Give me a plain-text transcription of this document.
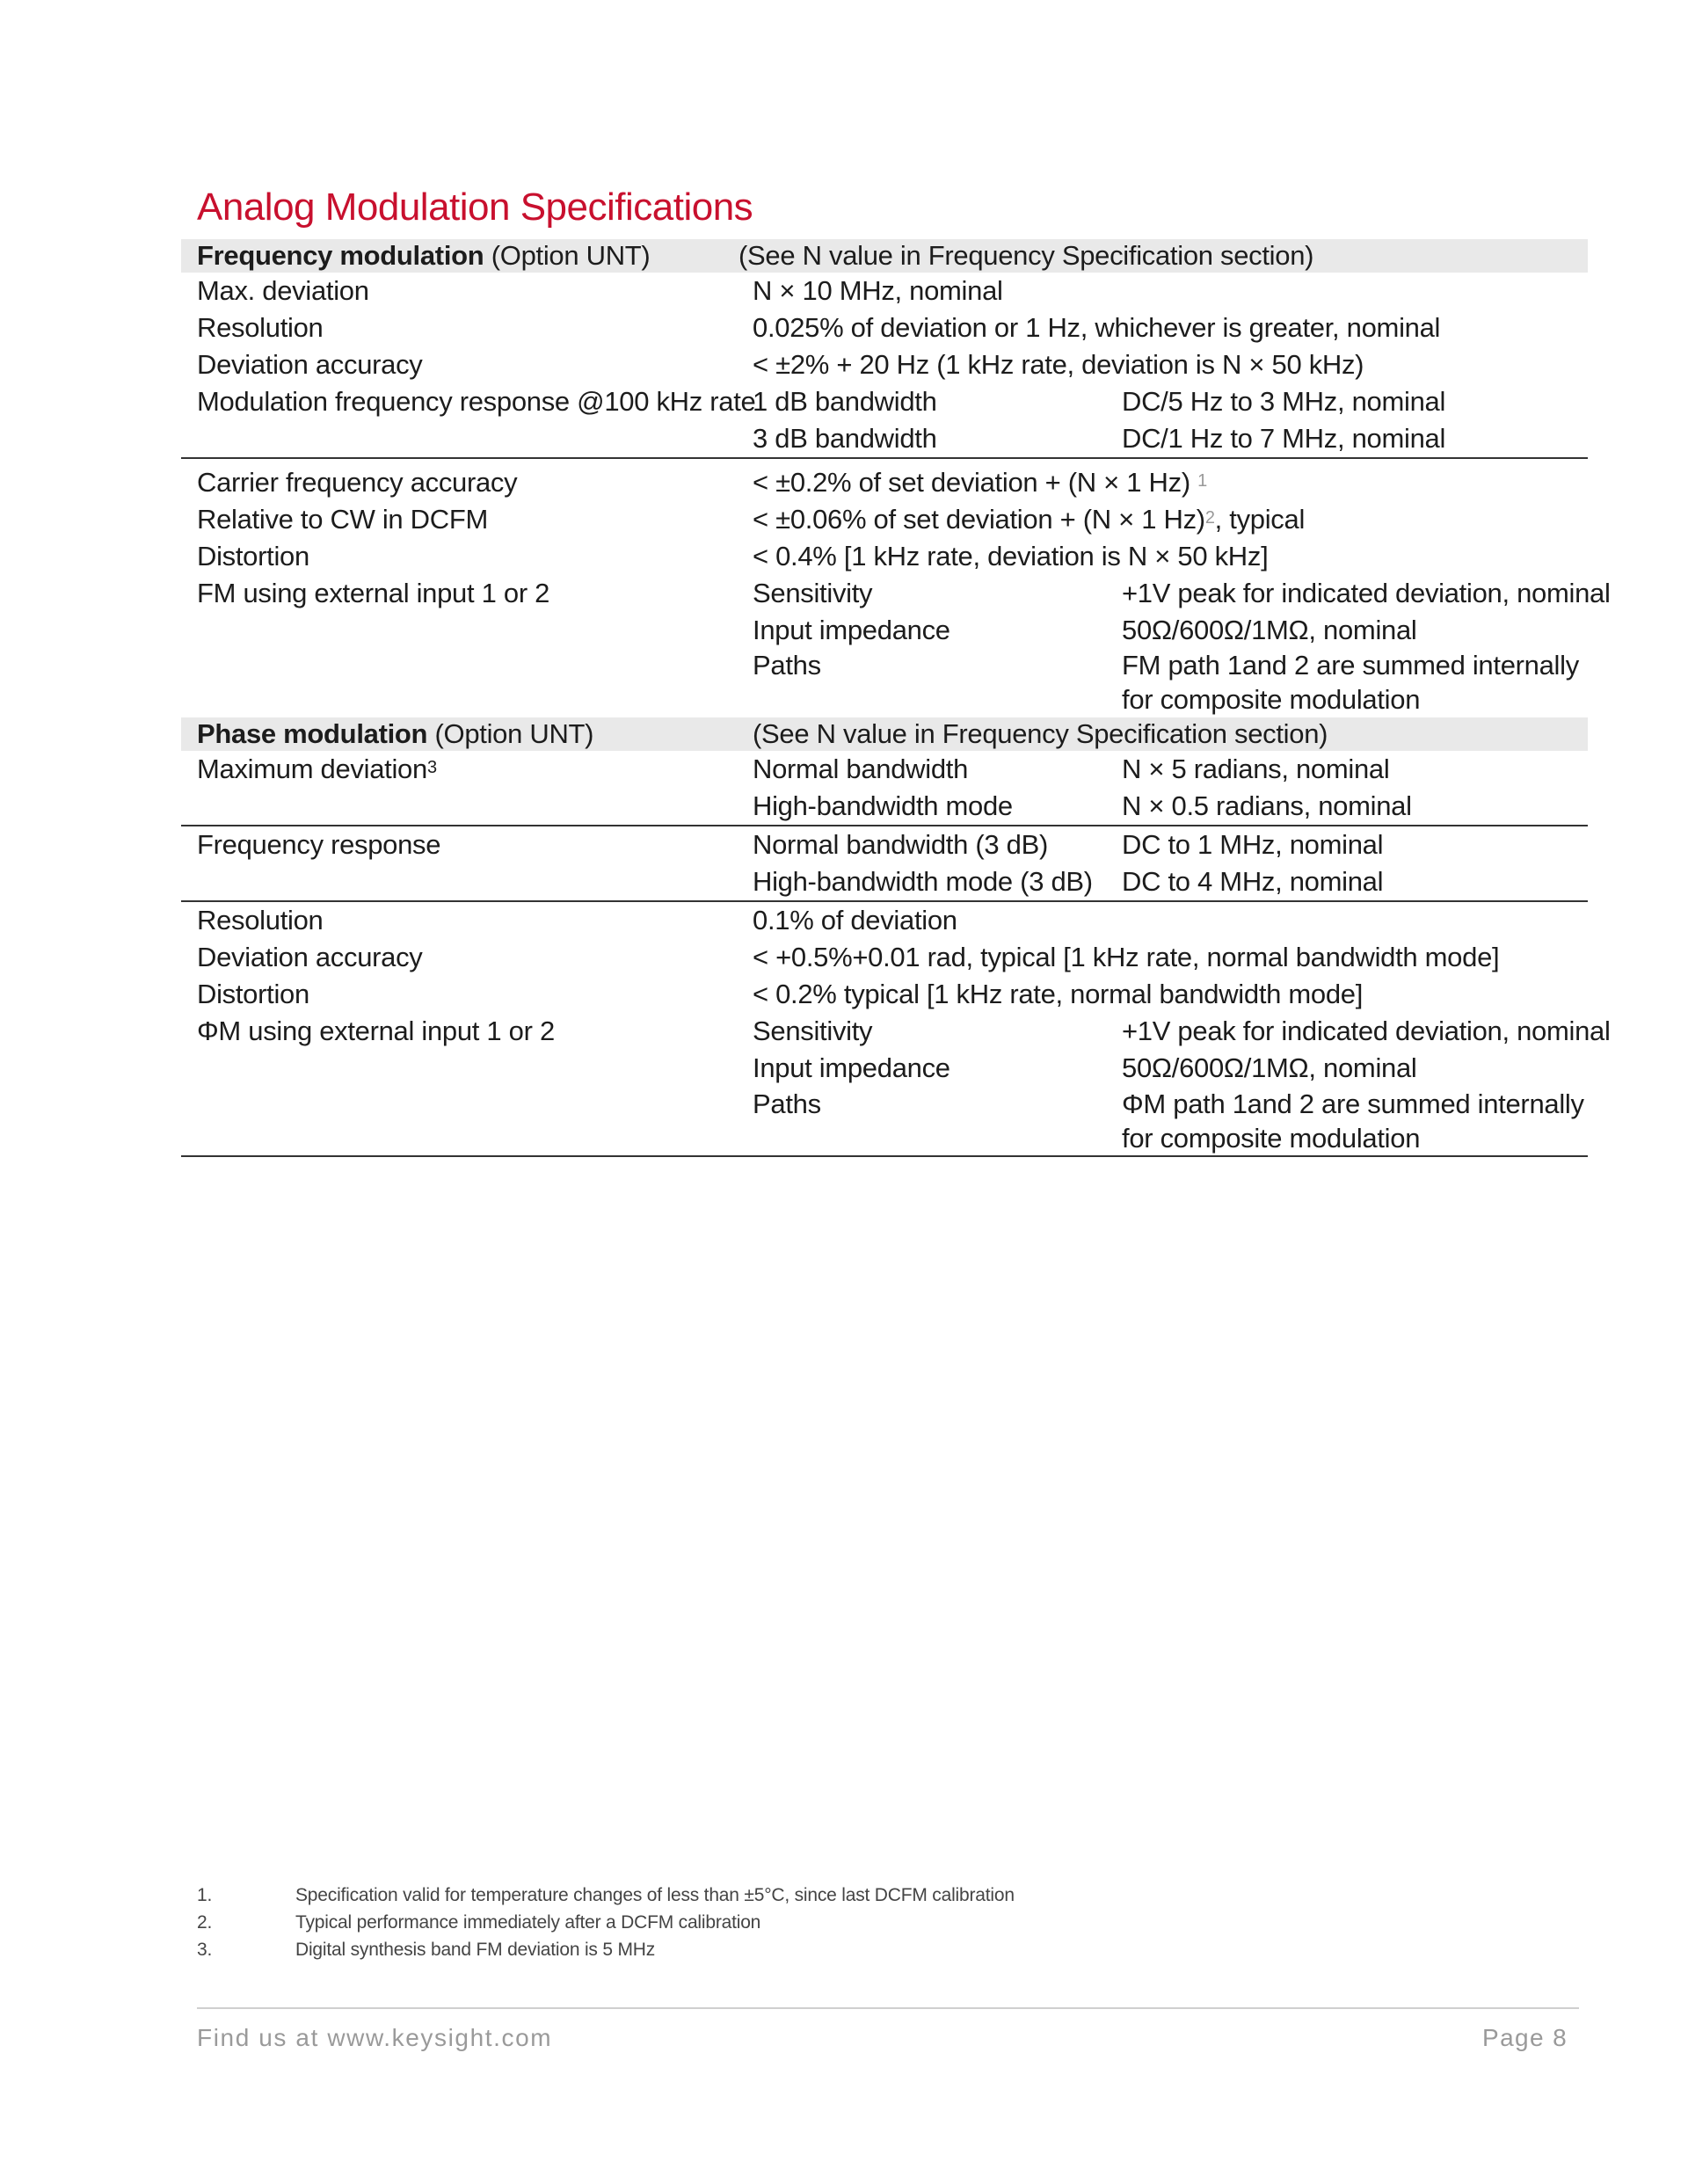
Analog Modulation Specifications
Frequency modulation (Option UNT)	(See N value in Frequency Specification section)
Max. deviation	N × 10 MHz, nominal
Resolution	0.025% of deviation or 1 Hz, whichever is greater, nominal
Deviation accuracy	< ±2% + 20 Hz (1 kHz rate, deviation is N × 50 kHz)
Modulation frequency response @100 kHz rate
1 dB bandwidth	DC/5 Hz to 3 MHz, nominal
3 dB bandwidth	DC/1 Hz to 7 MHz, nominal
Carrier frequency accuracy	< ±0.2% of set deviation + (N × 1 Hz) $^1$
Relative to CW in DCFM	< ±0.06% of set deviation + (N × 1 Hz)$^2$, typical
Distortion	< 0.4% [1 kHz rate, deviation is N × 50 kHz]
FM using external input 1 or 2	Sensitivity	+1V peak for indicated deviation, nominal
Input impedance	50Ω/600Ω/1MΩ, nominal
Paths	FM path 1and 2 are summed internally
for composite modulation
Phase modulation (Option UNT)	(See N value in Frequency Specification section)
Maximum deviation$^3$	Normal bandwidth	N × 5 radians, nominal
High-bandwidth mode	N × 0.5 radians, nominal
Frequency response	Normal bandwidth (3 dB)	DC to 1 MHz, nominal
High-bandwidth mode (3 dB) DC to 4 MHz, nominal
Resolution	0.1% of deviation
Deviation accuracy	< +0.5%+0.01 rad, typical [1 kHz rate, normal bandwidth mode]
Distortion	< 0.2% typical [1 kHz rate, normal bandwidth mode]
ΦM using external input 1 or 2	Sensitivity	+1V peak for indicated deviation, nominal
Input impedance	50Ω/600Ω/1MΩ, nominal
Paths	ΦM path 1and 2 are summed internally
for composite modulation
1.	Specification valid for temperature changes of less than ±5°C, since last DCFM calibration
2.	Typical performance immediately after a DCFM calibration
3.	Digital synthesis band FM deviation is 5 MHz
Find us at www.keysight.com	Page 8
